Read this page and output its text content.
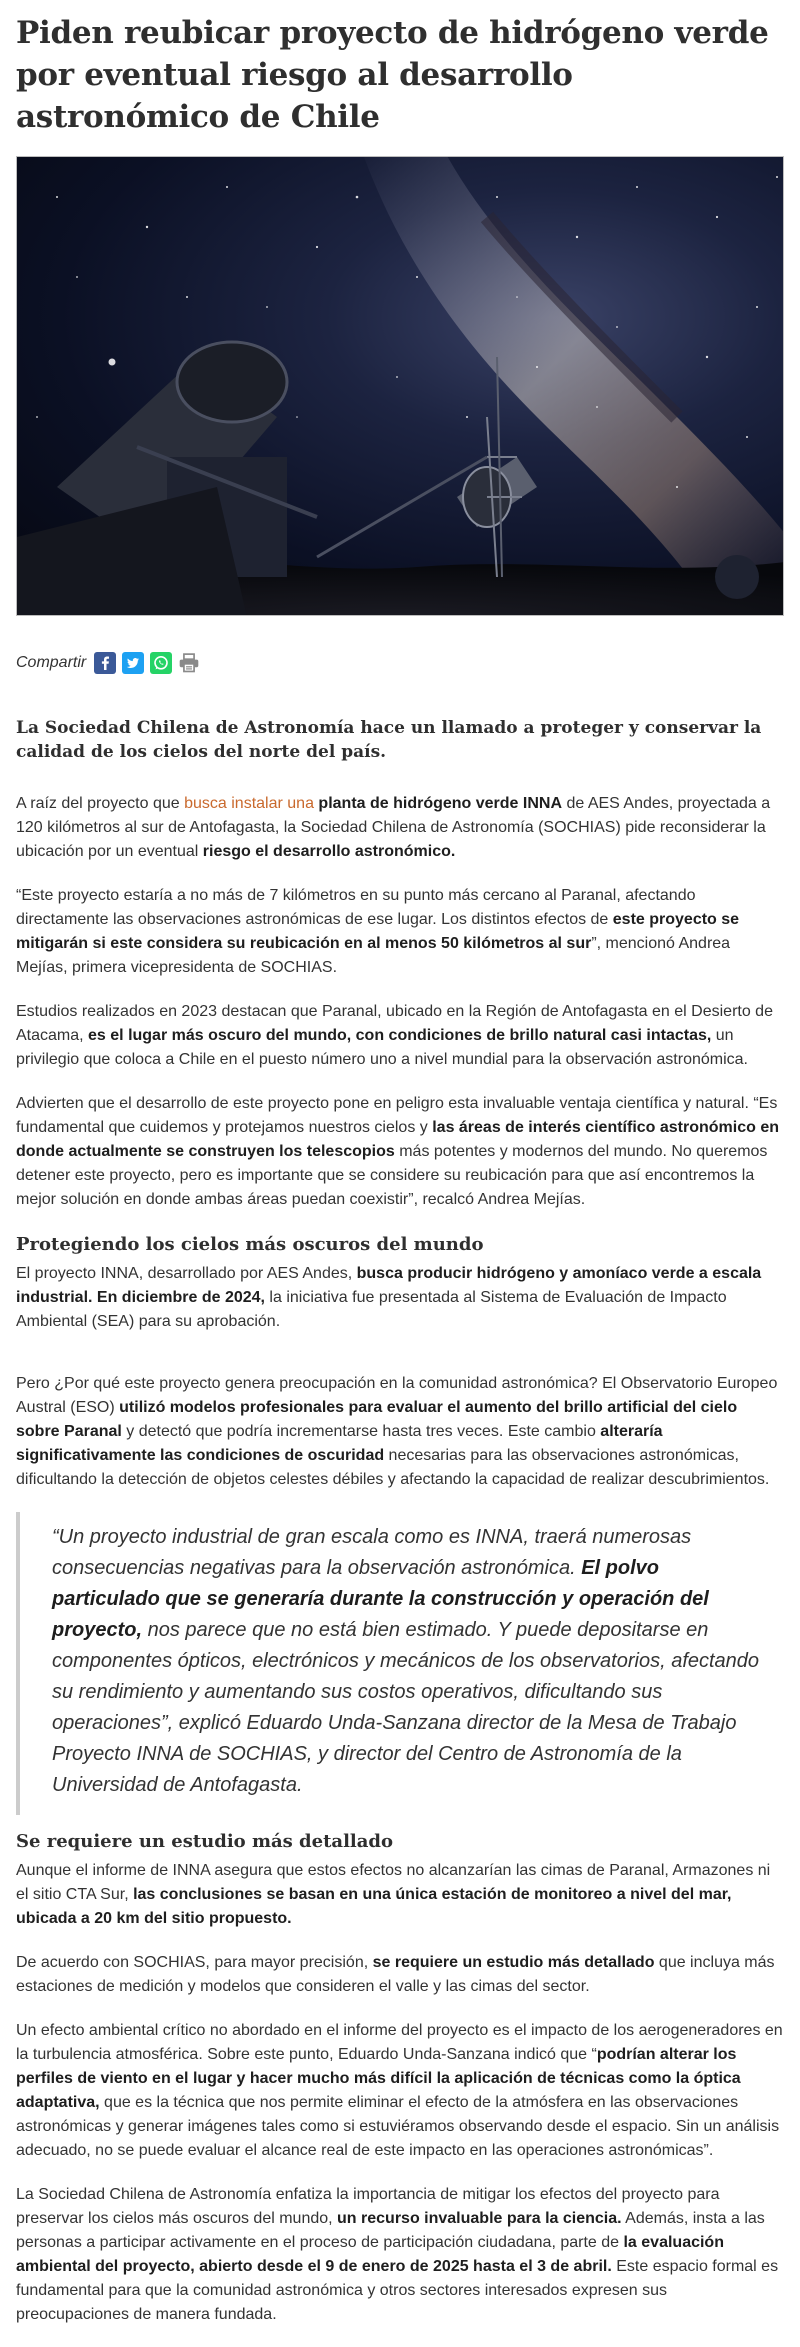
Piden reubicar proyecto de hidrógeno verde por eventual riesgo al desarrollo astronómico de Chile
Compartir
La Sociedad Chilena de Astronomía hace un llamado a proteger y conservar la calidad de los cielos del norte del país.

A raíz del proyecto que busca instalar una planta de hidrógeno verde INNA de AES Andes, proyectada a 120 kilómetros al sur de Antofagasta, la Sociedad Chilena de Astronomía (SOCHIAS) pide reconsiderar la ubicación por un eventual riesgo el desarrollo astronómico.

“Este proyecto estaría a no más de 7 kilómetros en su punto más cercano al Paranal, afectando directamente las observaciones astronómicas de ese lugar. Los distintos efectos de este proyecto se mitigarán si este considera su reubicación en al menos 50 kilómetros al sur”, mencionó Andrea Mejías, primera vicepresidenta de SOCHIAS.

Estudios realizados en 2023 destacan que Paranal, ubicado en la Región de Antofagasta en el Desierto de Atacama, es el lugar más oscuro del mundo, con condiciones de brillo natural casi intactas, un privilegio que coloca a Chile en el puesto número uno a nivel mundial para la observación astronómica.

Advierten que el desarrollo de este proyecto pone en peligro esta invaluable ventaja científica y natural. “Es fundamental que cuidemos y protejamos nuestros cielos y las áreas de interés científico astronómico en donde actualmente se construyen los telescopios más potentes y modernos del mundo. No queremos detener este proyecto, pero es importante que se considere su reubicación para que así encontremos la mejor solución en donde ambas áreas puedan coexistir”, recalcó Andrea Mejías.

Protegiendo los cielos más oscuros del mundo

El proyecto INNA, desarrollado por AES Andes, busca producir hidrógeno y amoníaco verde a escala industrial. En diciembre de 2024, la iniciativa fue presentada al Sistema de Evaluación de Impacto Ambiental (SEA) para su aprobación.

Pero ¿Por qué este proyecto genera preocupación en la comunidad astronómica? El Observatorio Europeo Austral (ESO) utilizó modelos profesionales para evaluar el aumento del brillo artificial del cielo sobre Paranal y detectó que podría incrementarse hasta tres veces. Este cambio alteraría significativamente las condiciones de oscuridad necesarias para las observaciones astronómicas, dificultando la detección de objetos celestes débiles y afectando la capacidad de realizar descubrimientos.

“Un proyecto industrial de gran escala como es INNA, traerá numerosas consecuencias negativas para la observación astronómica. El polvo particulado que se generaría durante la construcción y operación del proyecto, nos parece que no está bien estimado. Y puede depositarse en componentes ópticos, electrónicos y mecánicos de los observatorios, afectando su rendimiento y aumentando sus costos operativos, dificultando sus operaciones”, explicó Eduardo Unda-Sanzana director de la Mesa de Trabajo Proyecto INNA de SOCHIAS, y director del Centro de Astronomía de la Universidad de Antofagasta.
Se requiere un estudio más detallado

Aunque el informe de INNA asegura que estos efectos no alcanzarían las cimas de Paranal, Armazones ni el sitio CTA Sur, las conclusiones se basan en una única estación de monitoreo a nivel del mar, ubicada a 20 km del sitio propuesto.

De acuerdo con SOCHIAS, para mayor precisión, se requiere un estudio más detallado que incluya más estaciones de medición y modelos que consideren el valle y las cimas del sector.

Un efecto ambiental crítico no abordado en el informe del proyecto es el impacto de los aerogeneradores en la turbulencia atmosférica. Sobre este punto, Eduardo Unda-Sanzana indicó que “podrían alterar los perfiles de viento en el lugar y hacer mucho más difícil la aplicación de técnicas como la óptica adaptativa, que es la técnica que nos permite eliminar el efecto de la atmósfera en las observaciones astronómicas y generar imágenes tales como si estuviéramos observando desde el espacio. Sin un análisis adecuado, no se puede evaluar el alcance real de este impacto en las operaciones astronómicas”.

La Sociedad Chilena de Astronomía enfatiza la importancia de mitigar los efectos del proyecto para preservar los cielos más oscuros del mundo, un recurso invaluable para la ciencia. Además, insta a las personas a participar activamente en el proceso de participación ciudadana, parte de la evaluación ambiental del proyecto, abierto desde el 9 de enero de 2025 hasta el 3 de abril. Este espacio formal es fundamental para que la comunidad astronómica y otros sectores interesados expresen sus preocupaciones de manera fundada.
